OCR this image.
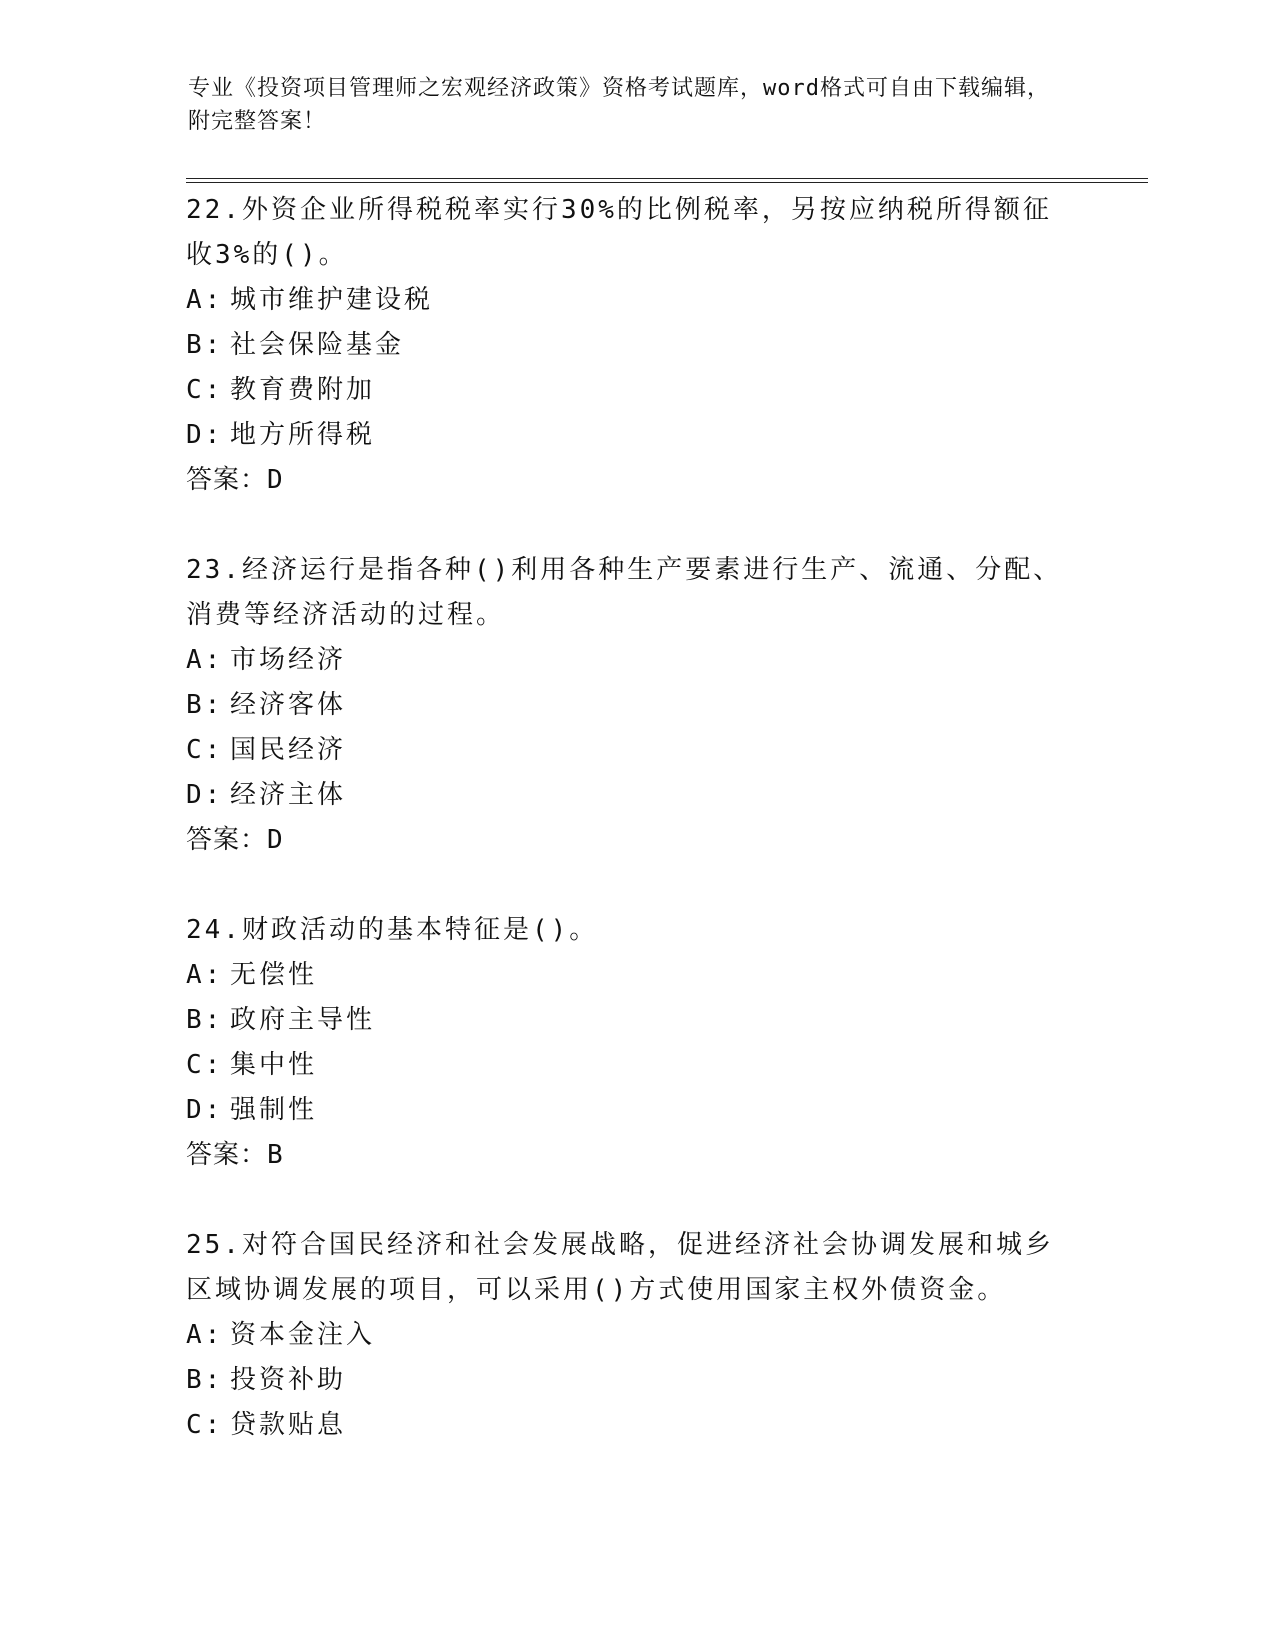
专业《投资项目管理师之宏观经济政策》资格考试题库，word格式可自由下载编辑，附完整答案！

22.外资企业所得税税率实行30%的比例税率，另按应纳税所得额征收3%的()。

A: 城市维护建设税
B: 社会保险基金
C: 教育费附加
D: 地方所得税
答案：D

23.经济运行是指各种()利用各种生产要素进行生产、流通、分配、消费等经济活动的过程。

A: 市场经济
B: 经济客体
C: 国民经济
D: 经济主体
答案：D

24.财政活动的基本特征是()。

A: 无偿性
B: 政府主导性
C: 集中性
D: 强制性
答案：B

25.对符合国民经济和社会发展战略，促进经济社会协调发展和城乡区域协调发展的项目，可以采用()方式使用国家主权外债资金。

A: 资本金注入
B: 投资补助
C: 贷款贴息
